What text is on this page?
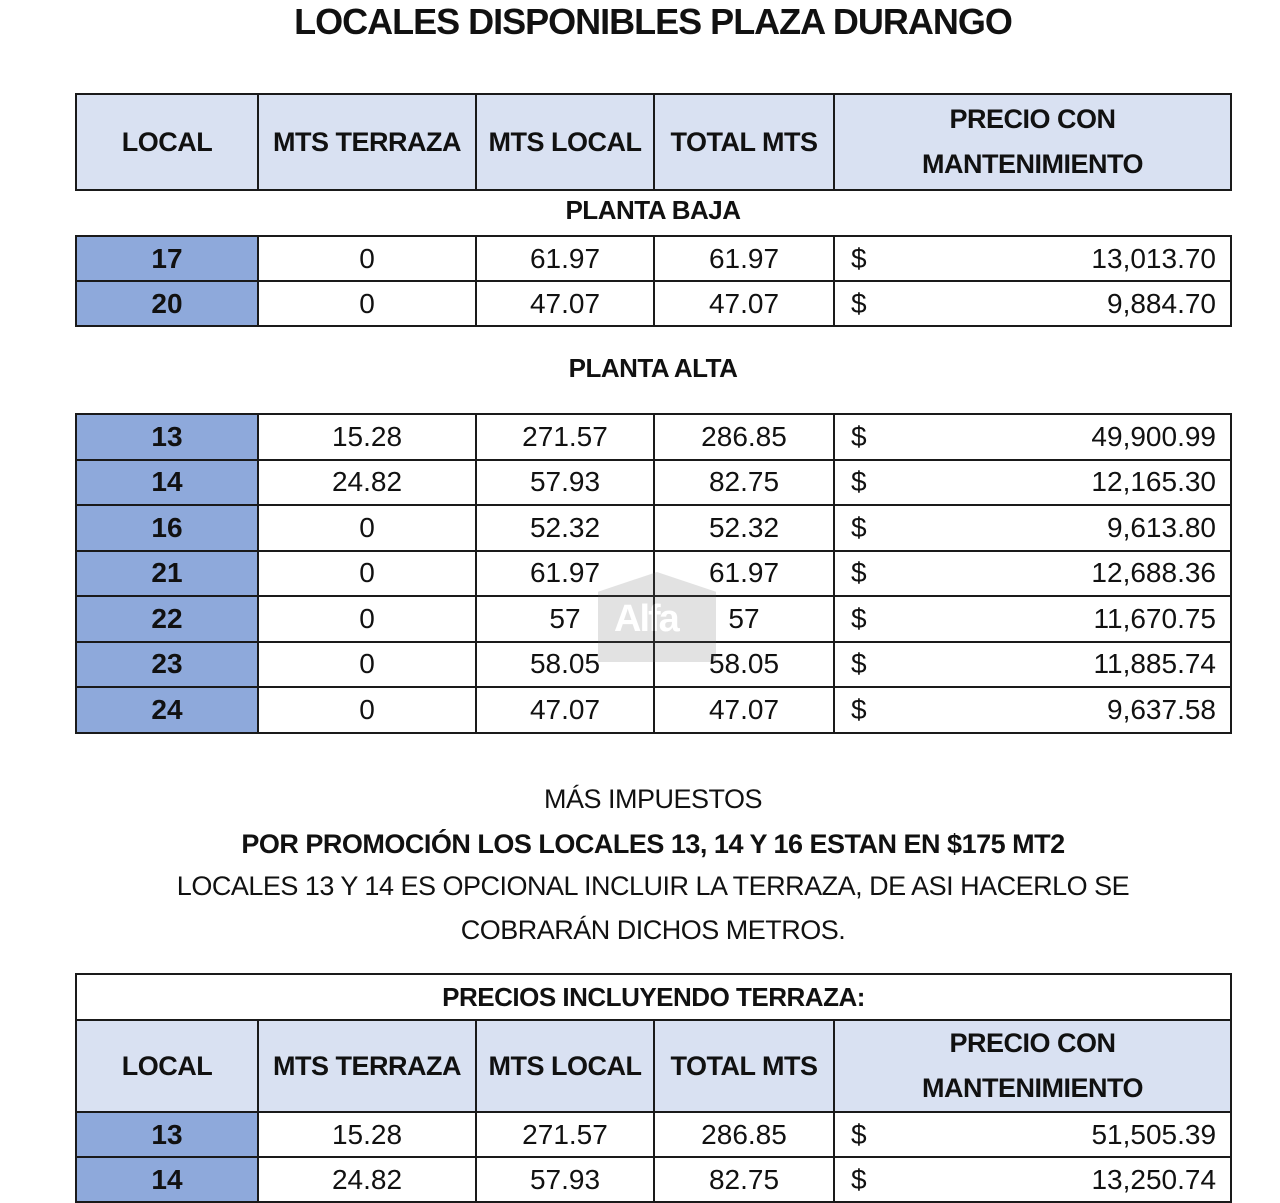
LOCALES DISPONIBLES PLAZA DURANGO
LOCAL	MTS TERRAZA	MTS LOCAL	TOTAL MTS	
PRECIO CON
MANTENIMIENTO
PLANTA BAJA
17	0	61.97	61.97	$ 13,013.70
20	0	47.07	47.07	$ 9,884.70
PLANTA ALTA
13	15.28	271.57	286.85	$ 49,900.99
14	24.82	57.93	82.75	$ 12,165.30
16	0	52.32	52.32	$ 9,613.80
21	0	61.97	61.97	$ 12,688.36
22	0	57	57	$ 11,670.75
23	0	58.05	58.05	$ 11,885.74
24	0	47.07	47.07	$ 9,637.58
MÁS IMPUESTOS
POR PROMOCIÓN LOS LOCALES 13, 14 Y 16 ESTAN EN $175 MT2
LOCALES 13 Y 14 ES OPCIONAL INCLUIR LA TERRAZA, DE ASI HACERLO SE
COBRARÁN DICHOS METROS.
PRECIOS INCLUYENDO TERRAZA:				
LOCAL	MTS TERRAZA	MTS LOCAL	TOTAL MTS	PRECIO CON
MANTENIMIENTO

13	15.28	271.57	286.85	$ 51,505.39
14	24.82	57.93	82.75	$ 13,250.74
